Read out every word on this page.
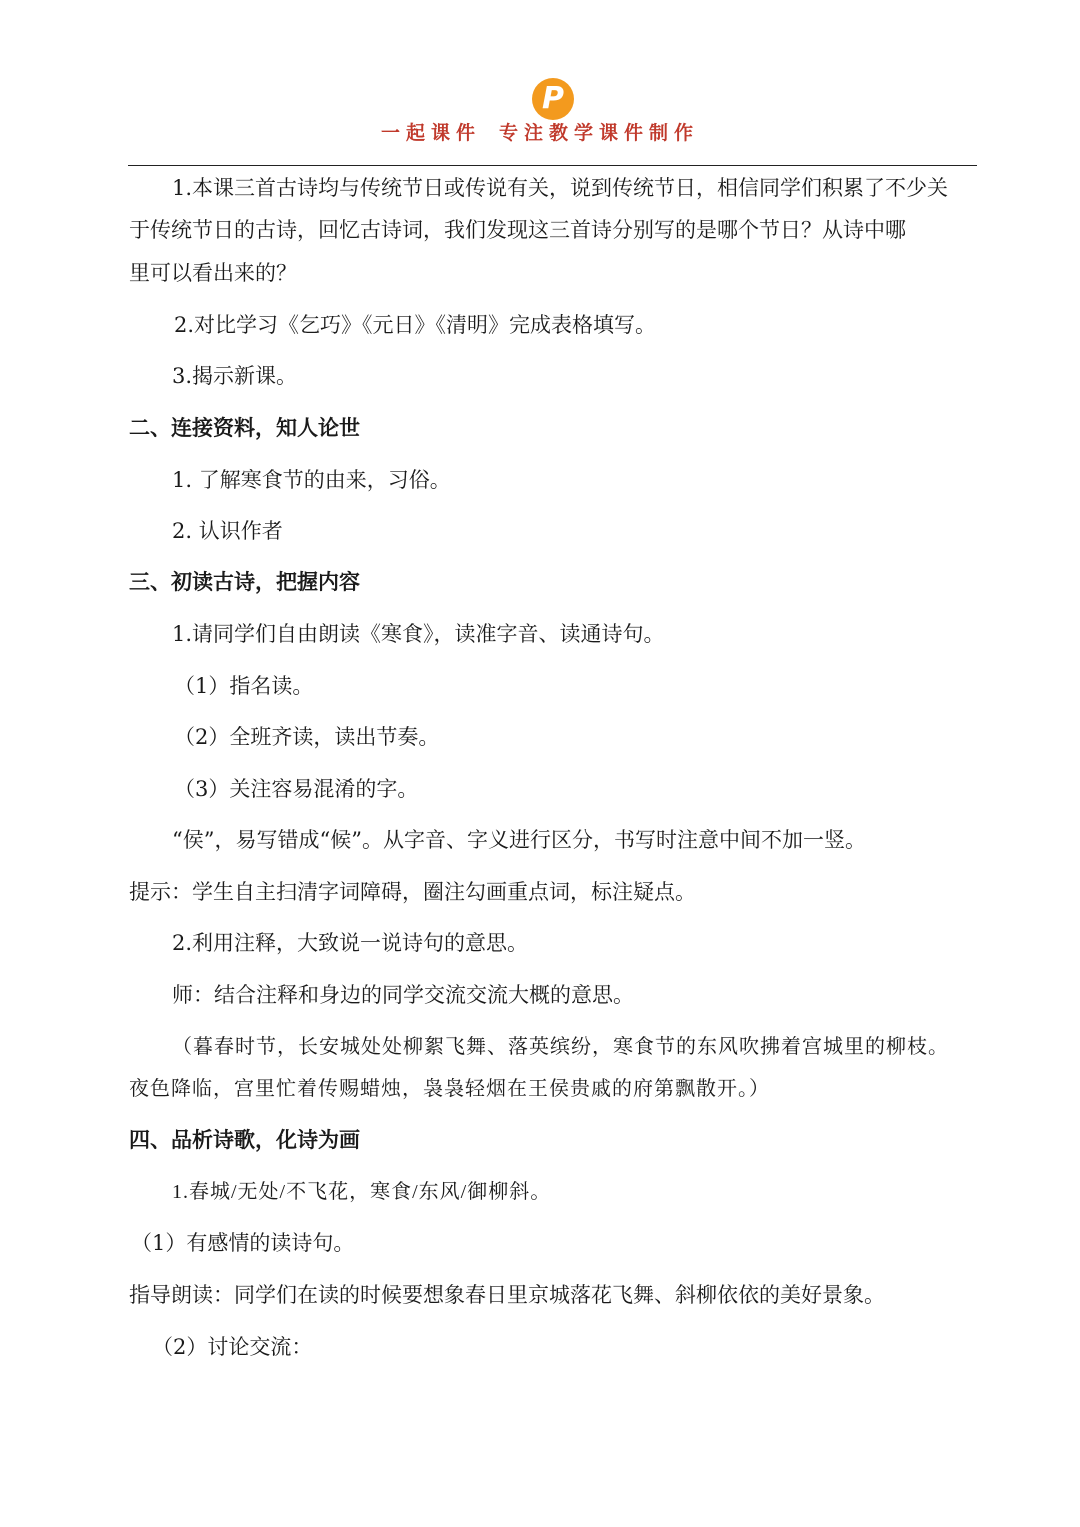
P
一起课件 专注教学课件制作
1.本课三首古诗均与传统节日或传说有关，说到传统节日，相信同学们积累了不少关
于传统节日的古诗，回忆古诗词，我们发现这三首诗分别写的是哪个节日？从诗中哪
里可以看出来的？
2.对比学习《乞巧》《元日》《清明》完成表格填写。
3.揭示新课。
二、连接资料，知人论世
1. 了解寒食节的由来，习俗。
2. 认识作者
三、初读古诗，把握内容
1.请同学们自由朗读《寒食》，读准字音、读通诗句。
（1）指名读。
（2）全班齐读，读出节奏。
（3）关注容易混淆的字。
“侯”，易写错成“候”。从字音、字义进行区分，书写时注意中间不加一竖。
提示：学生自主扫清字词障碍，圈注勾画重点词，标注疑点。
2.利用注释，大致说一说诗句的意思。
师：结合注释和身边的同学交流交流大概的意思。
（暮春时节，长安城处处柳絮飞舞、落英缤纷，寒食节的东风吹拂着宫城里的柳枝。
夜色降临，宫里忙着传赐蜡烛，袅袅轻烟在王侯贵戚的府第飘散开。）
四、品析诗歌，化诗为画
1.春城/无处/不飞花，寒食/东风/御柳斜。
（1）有感情的读诗句。
指导朗读：同学们在读的时候要想象春日里京城落花飞舞、斜柳依依的美好景象。
（2）讨论交流：
